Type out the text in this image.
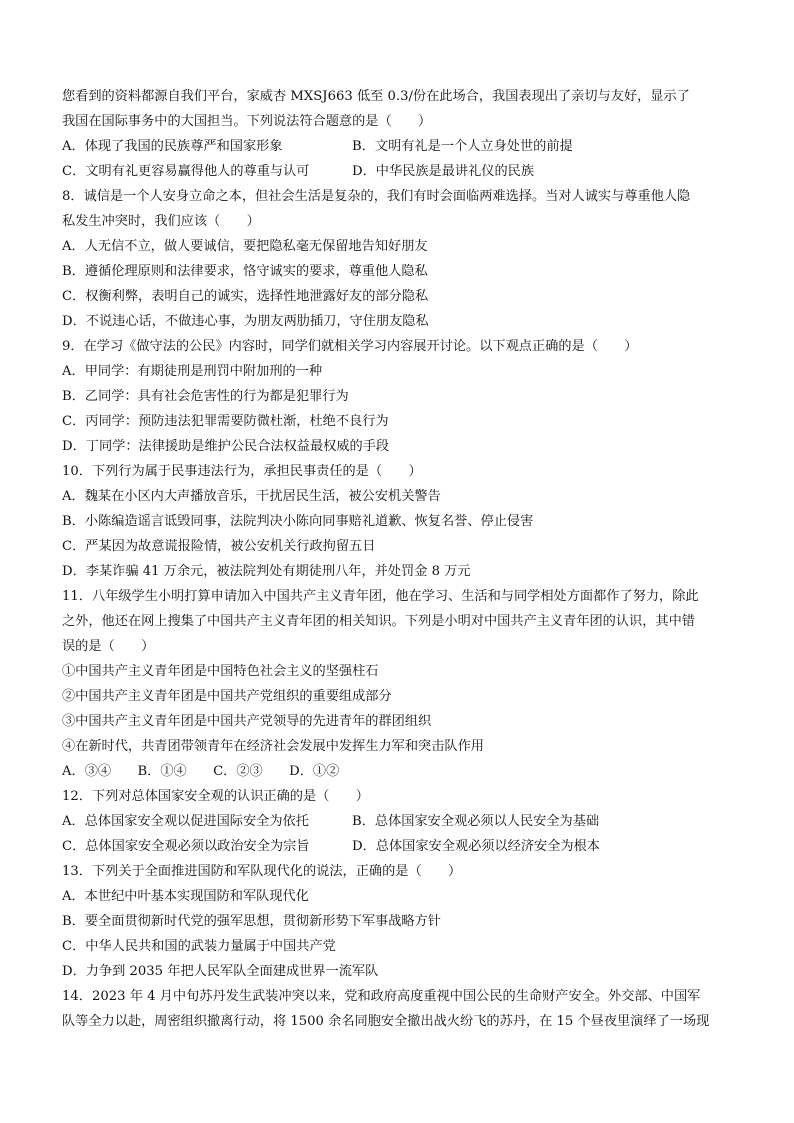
您看到的资料都源自我们平台，家威杏 MXSJ663 低至 0.3/份在此场合，我国表现出了亲切与友好，显示了
我国在国际事务中的大国担当。下列说法符合题意的是（　　）
A．体现了我国的民族尊严和国家形象	B．文明有礼是一个人立身处世的前提
C．文明有礼更容易赢得他人的尊重与认可	D．中华民族是最讲礼仪的民族
8．诚信是一个人安身立命之本，但社会生活是复杂的，我们有时会面临两难选择。当对人诚实与尊重他人隐
私发生冲突时，我们应该（　　）
A．人无信不立，做人要诚信，要把隐私毫无保留地告知好朋友
B．遵循伦理原则和法律要求，恪守诚实的要求，尊重他人隐私
C．权衡利弊，表明自己的诚实，选择性地泄露好友的部分隐私
D．不说违心话，不做违心事，为朋友两肋插刀，守住朋友隐私
9．在学习《做守法的公民》内容时，同学们就相关学习内容展开讨论。以下观点正确的是（　　）
A．甲同学：有期徒刑是刑罚中附加刑的一种
B．乙同学：具有社会危害性的行为都是犯罪行为
C．丙同学：预防违法犯罪需要防微杜渐，杜绝不良行为
D．丁同学：法律援助是维护公民合法权益最权威的手段
10．下列行为属于民事违法行为，承担民事责任的是（　　）
A．魏某在小区内大声播放音乐，干扰居民生活，被公安机关警告
B．小陈编造谣言诋毁同事，法院判决小陈向同事赔礼道歉、恢复名誉、停止侵害
C．严某因为故意谎报险情，被公安机关行政拘留五日
D．李某诈骗 41 万余元，被法院判处有期徒刑八年，并处罚金 8 万元
11．八年级学生小明打算申请加入中国共产主义青年团，他在学习、生活和与同学相处方面都作了努力，除此
之外，他还在网上搜集了中国共产主义青年团的相关知识。下列是小明对中国共产主义青年团的认识，其中错
误的是（　　）
①中国共产主义青年团是中国特色社会主义的坚强柱石
②中国共产主义青年团是中国共产党组织的重要组成部分
③中国共产主义青年团是中国共产党领导的先进青年的群团组织
④在新时代，共青团带领青年在经济社会发展中发挥生力军和突击队作用
A．③④　　B．①④　　C．②③　　D．①②
12．下列对总体国家安全观的认识正确的是（　　）
A．总体国家安全观以促进国际安全为依托	B．总体国家安全观必须以人民安全为基础
C．总体国家安全观必须以政治安全为宗旨	D．总体国家安全观必须以经济安全为根本
13．下列关于全面推进国防和军队现代化的说法，正确的是（　　）
A．本世纪中叶基本实现国防和军队现代化
B．要全面贯彻新时代党的强军思想，贯彻新形势下军事战略方针
C．中华人民共和国的武装力量属于中国共产党
D．力争到 2035 年把人民军队全面建成世界一流军队
14．2023 年 4 月中旬苏丹发生武装冲突以来，党和政府高度重视中国公民的生命财产安全。外交部、中国军
队等全力以赴，周密组织撤离行动，将 1500 余名同胞安全撤出战火纷飞的苏丹，在 15 个昼夜里演绎了一场现
